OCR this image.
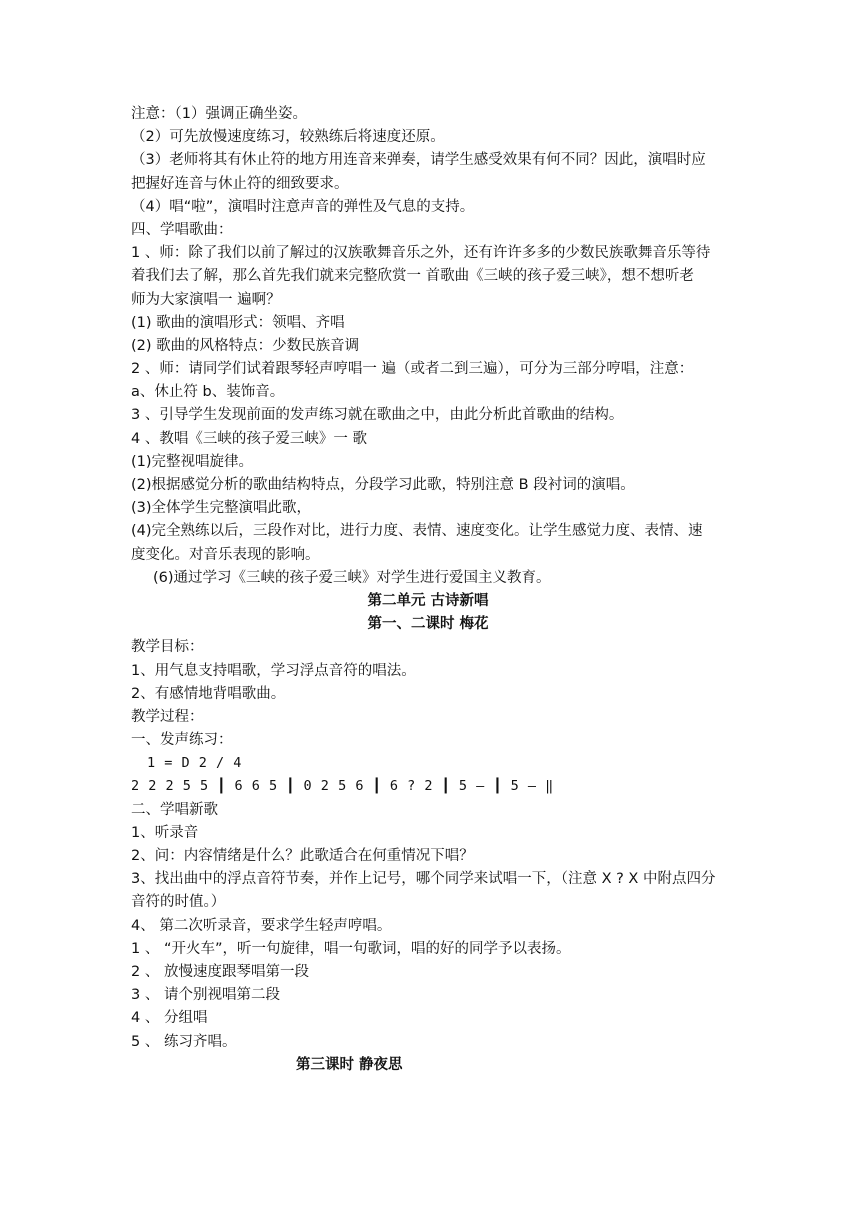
注意：（1）强调正确坐姿。
（2）可先放慢速度练习，较熟练后将速度还原。
（3）老师将其有休止符的地方用连音来弹奏，请学生感受效果有何不同？因此，演唱时应
把握好连音与休止符的细致要求。
（4）唱“啦”，演唱时注意声音的弹性及气息的支持。
四、学唱歌曲：
1 、师：除了我们以前了解过的汉族歌舞音乐之外，还有许许多多的少数民族歌舞音乐等待
着我们去了解，那么首先我们就来完整欣赏一 首歌曲《三峡的孩子爱三峡》，想不想听老
师为大家演唱一 遍啊？
(1) 歌曲的演唱形式：领唱、齐唱
(2) 歌曲的风格特点：少数民族音调
2 、师：请同学们试着跟琴轻声哼唱一 遍（或者二到三遍），可分为三部分哼唱，注意：
a、休止符 b、装饰音。
3 、引导学生发现前面的发声练习就在歌曲之中，由此分析此首歌曲的结构。
4 、教唱《三峡的孩子爱三峡》一 歌
(1)完整视唱旋律。
(2)根据感觉分析的歌曲结构特点，分段学习此歌，特别注意 B 段衬词的演唱。
(3)全体学生完整演唱此歌，
(4)完全熟练以后，三段作对比，进行力度、表情、速度变化。让学生感觉力度、表情、速
度变化。对音乐表现的影响。
(6)通过学习《三峡的孩子爱三峡》对学生进行爱国主义教育。
第二单元 古诗新唱
第一、二课时 梅花
教学目标：
1、用气息支持唱歌，学习浮点音符的唱法。
2、有感情地背唱歌曲。
教学过程：
一、发声练习：
1 = D 2 / 4
2 2 2 5 5 ┃ 6 6 5 ┃ 0 2 5 6 ┃ 6 ? 2 ┃ 5 — ┃ 5 — ‖
二、学唱新歌
1、听录音
2、问：内容情绪是什么？此歌适合在何重情况下唱？
3、找出曲中的浮点音符节奏，并作上记号，哪个同学来试唱一下，（注意 X ? X 中附点四分
音符的时值。）
4、 第二次听录音，要求学生轻声哼唱。
1 、 “开火车”，听一句旋律，唱一句歌词，唱的好的同学予以表扬。
2 、 放慢速度跟琴唱第一段
3 、 请个别视唱第二段
4 、 分组唱
5 、 练习齐唱。
第三课时 静夜思
